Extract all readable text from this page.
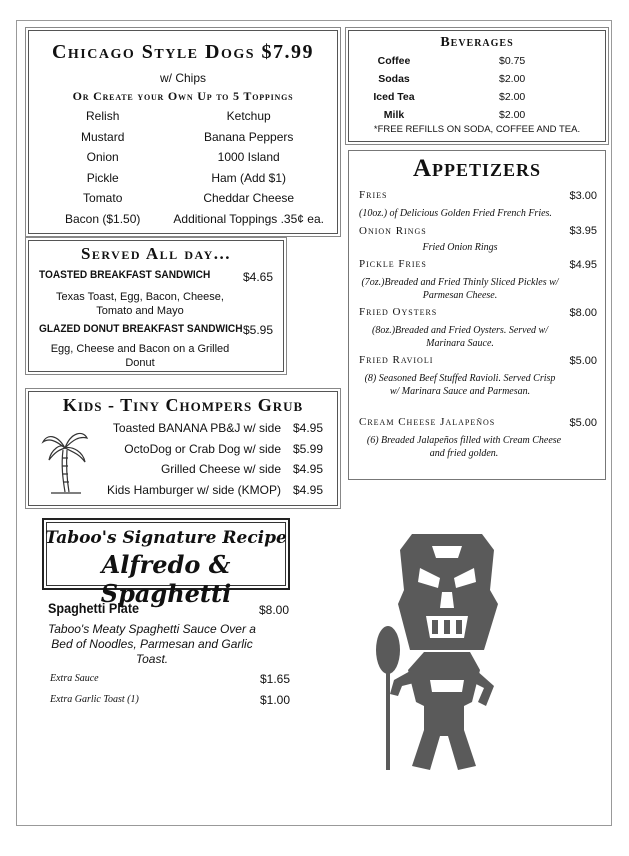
Chicago Style Dogs $7.99
w/ Chips
Or Create your Own Up to 5 Toppings
Relish	Ketchup
Mustard	Banana Peppers
Onion	1000 Island
Pickle	Ham (Add $1)
Tomato	Cheddar Cheese
Bacon ($1.50)	Additional Toppings .35¢ ea.
Served All day...
TOASTED BREAKFAST SANDWICH	$4.65
Texas Toast, Egg, Bacon, Cheese, Tomato and Mayo
GLAZED DONUT BREAKFAST SANDWICH $5.95
Egg, Cheese and Bacon on a Grilled Donut
Kids - Tiny Chompers Grub
Toasted BANANA PB&J w/ side $4.95
OctoDog or Crab Dog w/ side $5.99
Grilled Cheese w/ side $4.95
Kids Hamburger w/ side (KMOP) $4.95
Taboo's Signature Recipe
Alfredo & Spaghetti
Spaghetti Plate	$8.00
Taboo's Meaty Spaghetti Sauce Over a Bed of Noodles, Parmesan and Garlic Toast.
Extra Sauce	$1.65
Extra Garlic Toast (1)	$1.00
Beverages
Coffee	$0.75
Sodas	$2.00
Iced Tea	$2.00
Milk	$2.00
*FREE REFILLS ON SODA, COFFEE AND TEA.
Appetizers
Fries	$3.00
(10oz.) of Delicious Golden Fried French Fries.
Onion Rings	$3.95
Fried Onion Rings
Pickle Fries	$4.95
(7oz.)Breaded and Fried Thinly Sliced Pickles w/ Parmesan Cheese.
Fried Oysters	$8.00
(8oz.)Breaded and Fried Oysters. Served w/ Marinara Sauce.
Fried Ravioli	$5.00
(8) Seasoned Beef Stuffed Ravioli. Served Crisp w/ Marinara Sauce and Parmesan.
Cream Cheese Jalapeños	$5.00
(6) Breaded Jalapeños filled with Cream Cheese and fried golden.
